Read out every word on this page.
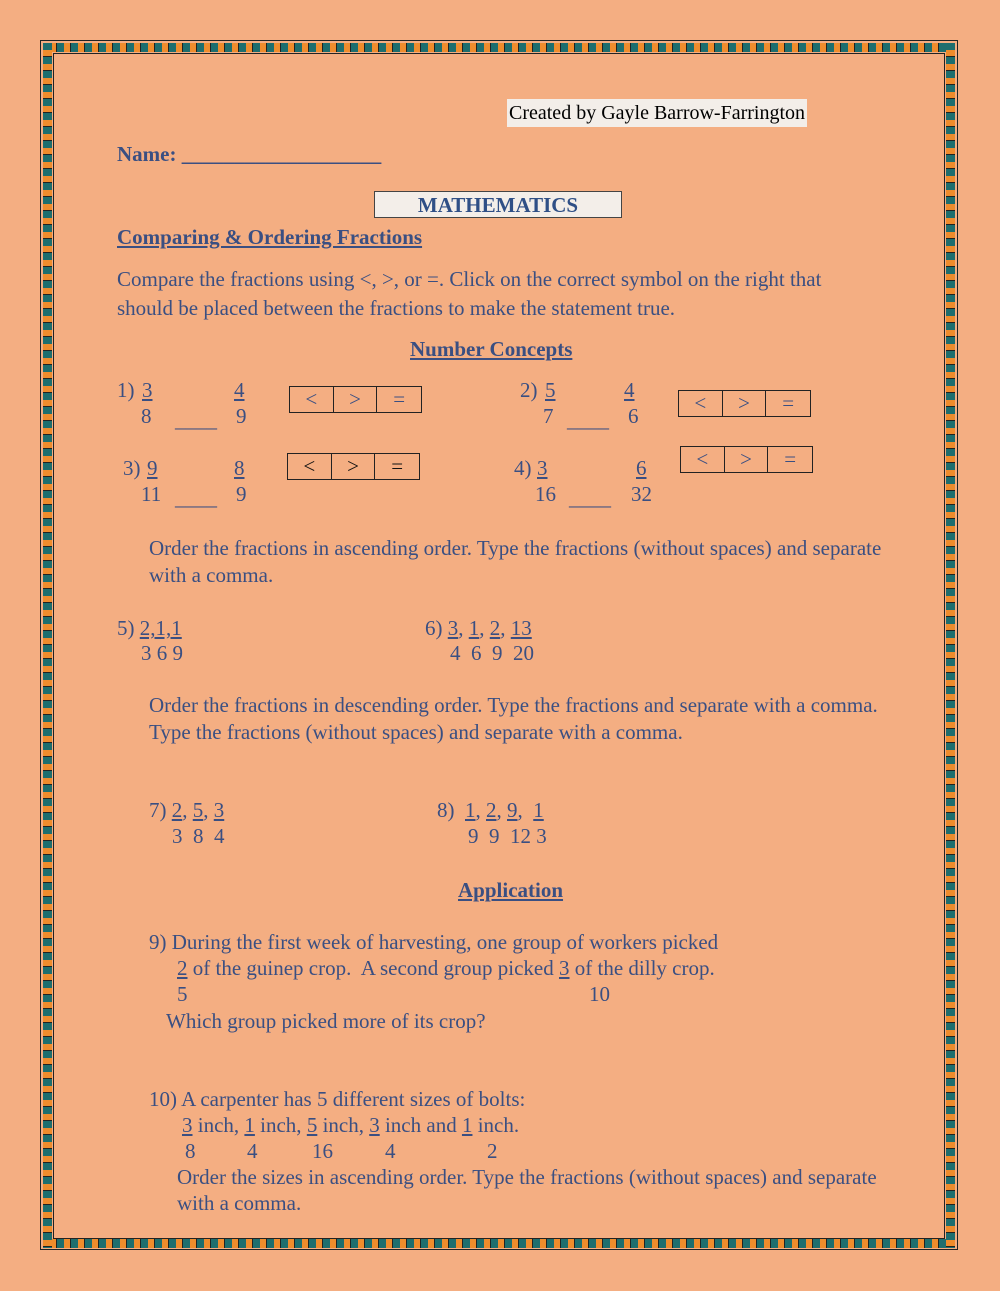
Created by Gayle Barrow-Farrington
Name: ___________________
MATHEMATICS
Comparing & Ordering Fractions
Compare the fractions using <, >, or =. Click on the correct symbol on the right that should be placed between the fractions to make the statement true.
Number Concepts
1) 3
8 ____
4
9
<	>	=	2) 5
7 ____
4
6
<	>	=
3) 9
11 ____
8
9
<	>	=	4) 3
16 ____
6
32
<	>	=
Order the fractions in ascending order. Type the fractions (without spaces) and separate with a comma.
5) 2,1,1
3 6 9
6) 3, 1, 2, 13
4  6  9  20
Order the fractions in descending order. Type the fractions and separate with a comma. Type the fractions (without spaces) and separate with a comma.
7) 2, 5, 3
3  8  4
8) 1, 2, 9,  1
9  9  12 3
Application
9) During the first week of harvesting, one group of workers picked
2 of the guinep crop.  A second group picked 3 of the dilly crop.
5	10
Which group picked more of its crop?
10) A carpenter has 5 different sizes of bolts:
3 inch, 1 inch, 5 inch, 3 inch and 1 inch.
8 4	16 4	2
Order the sizes in ascending order. Type the fractions (without spaces) and separate with a comma.
